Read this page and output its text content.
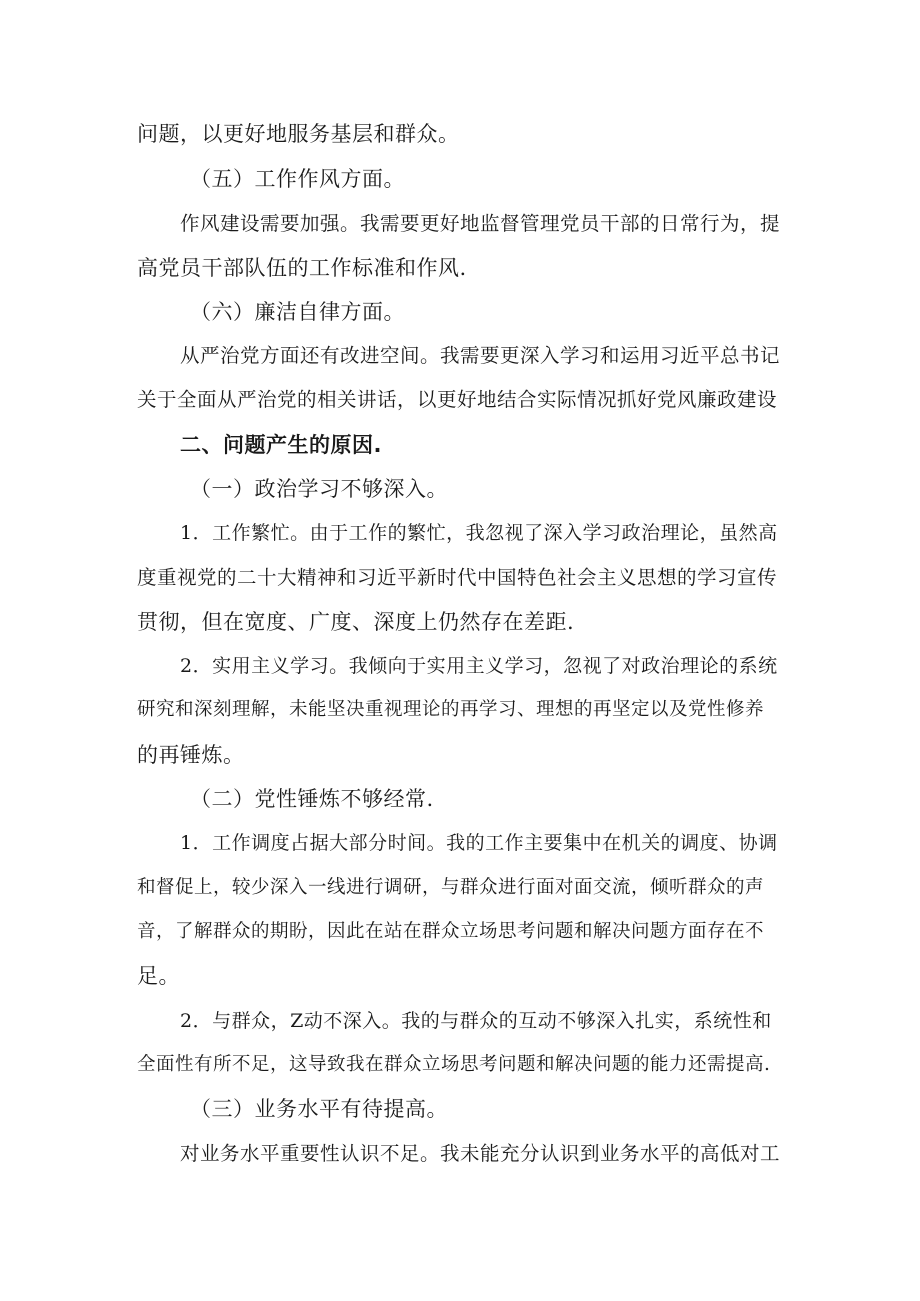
问题，以更好地服务基层和群众。
（五）工作作风方面。
作风建设需要加强。我需要更好地监督管理党员干部的日常行为，提
高党员干部队伍的工作标准和作风.
（六）廉洁自律方面。
从严治党方面还有改进空间。我需要更深入学习和运用习近平总书记
关于全面从严治党的相关讲话，以更好地结合实际情况抓好党风廉政建设
二、问题产生的原因.
（一）政治学习不够深入。
1．工作繁忙。由于工作的繁忙，我忽视了深入学习政治理论，虽然高
度重视党的二十大精神和习近平新时代中国特色社会主义思想的学习宣传
贯彻，但在宽度、广度、深度上仍然存在差距.
2．实用主义学习。我倾向于实用主义学习，忽视了对政治理论的系统
研究和深刻理解，未能坚决重视理论的再学习、理想的再坚定以及党性修养
的再锤炼。
（二）党性锤炼不够经常.
1．工作调度占据大部分时间。我的工作主要集中在机关的调度、协调
和督促上，较少深入一线进行调研，与群众进行面对面交流，倾听群众的声
音，了解群众的期盼，因此在站在群众立场思考问题和解决问题方面存在不
足。
2．与群众，Z动不深入。我的与群众的互动不够深入扎实，系统性和
全面性有所不足，这导致我在群众立场思考问题和解决问题的能力还需提高.
（三）业务水平有待提高。
对业务水平重要性认识不足。我未能充分认识到业务水平的高低对工
